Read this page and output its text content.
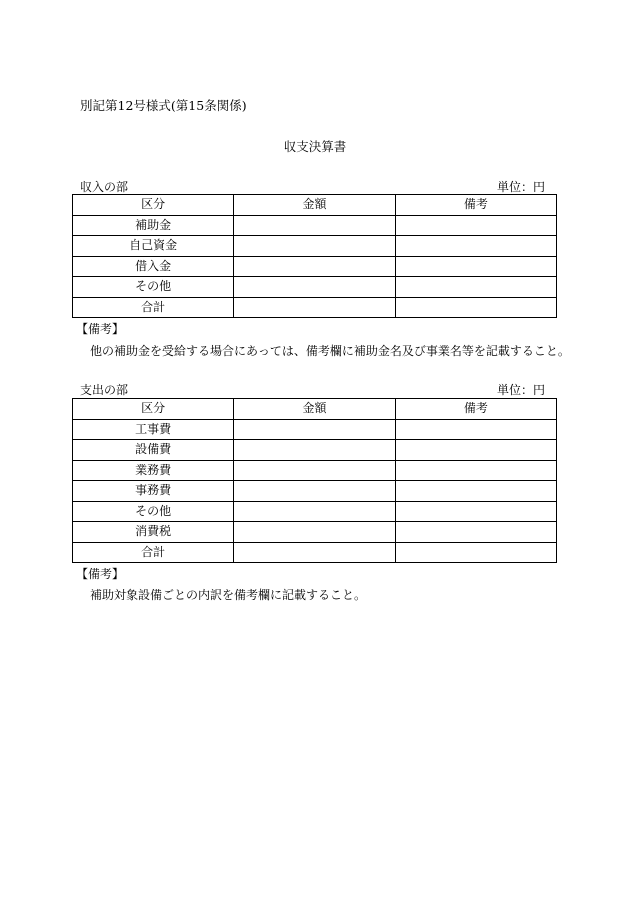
別記第12号様式(第15条関係)
収支決算書
収入の部	単位：円
区分	金額	備考
補助金		
自己資金		
借入金		
その他		
合計		
【備考】
他の補助金を受給する場合にあっては、備考欄に補助金名及び事業名等を記載すること。
支出の部	単位：円
区分	金額	備考
工事費		
設備費		
業務費		
事務費		
その他		
消費税		
合計		
【備考】
補助対象設備ごとの内訳を備考欄に記載すること。
